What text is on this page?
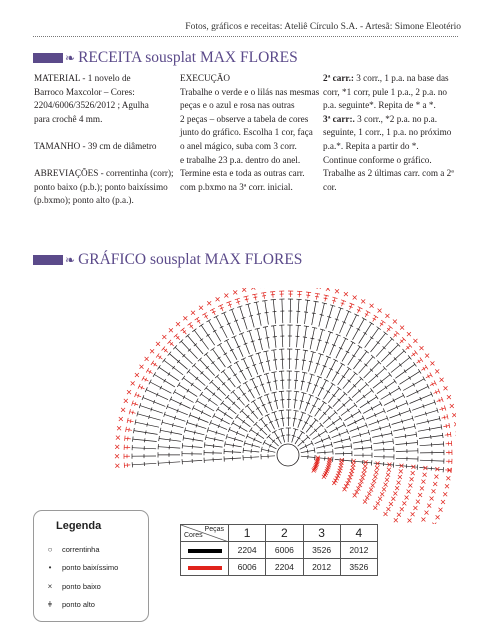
Fotos, gráficos e receitas: Ateliê Círculo S.A. - Artesã: Simone Eleotério
❧ RECEITA sousplat MAX FLORES

MATERIAL - 1 novelo de

Barroco Maxcolor – Cores:

2204/6006/3526/2012 ; Agulha

para crochê 4 mm.

TAMANHO - 39 cm de diâmetro

ABREVIAÇÕES - correntinha (corr);

ponto baixo (p.b.); ponto baixíssimo

(p.bxmo); ponto alto (p.a.).

EXECUÇÃO

Trabalhe o verde e o lilás nas mesmas

peças e o azul e rosa nas outras

2 peças – observe a tabela de cores

junto do gráfico. Escolha 1 cor, faça

o anel mágico, suba com 3 corr.

e trabalhe 23 p.a. dentro do anel.

Termine esta e toda as outras carr.

com p.bxmo na 3ª corr. inicial.

2ª carr.: 3 corr., 1 p.a. na base das

corr, *1 corr, pule 1 p.a., 2 p.a. no

p.a. seguinte*. Repita de * a *.

3ª carr:. 3 corr., *2 p.a. no p.a.

seguinte, 1 corr., 1 p.a. no próximo

p.a.*. Repita a partir do *.

Continue conforme o gráfico.

Trabalhe as 2 últimas carr. com a 2ª cor.

❧ GRÁFICO sousplat MAX FLORES
Legenda
○	correntinha
•	ponto baixíssimo
×	ponto baixo
ǂ	ponto alto
Peças
Cores	1	2	3	4
	2204	6006	3526	2012
	6006	2204	2012	3526
